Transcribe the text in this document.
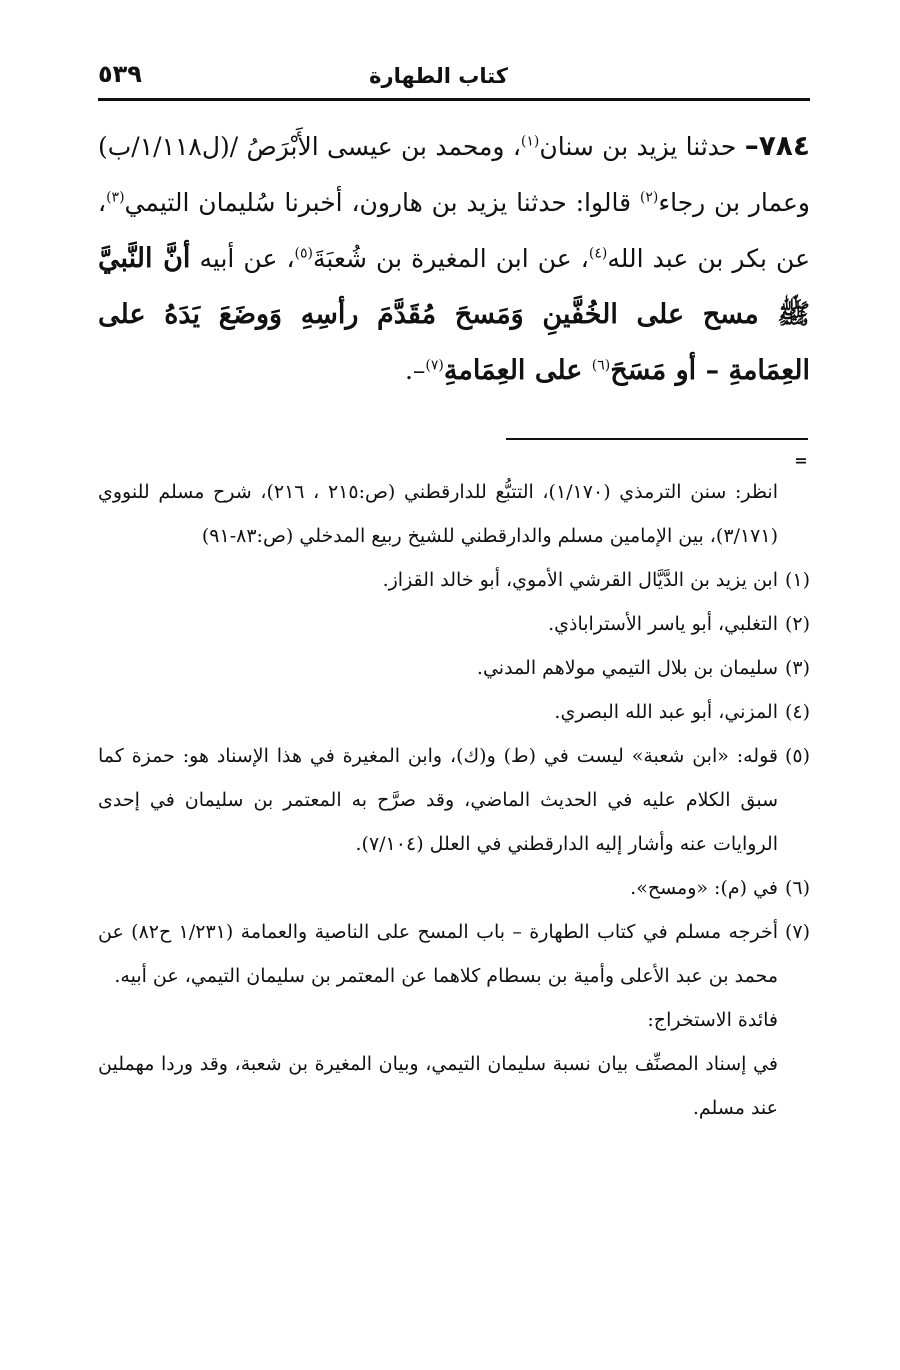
كتاب الطهارة
٥٣٩
٧٨٤– حدثنا يزيد بن سنان$^{(١)}$، ومحمد بن عيسى الأَبْرَصُ /(ل١/١١٨/ب) وعمار بن رجاء$^{(٢)}$ قالوا: حدثنا يزيد بن هارون، أخبرنا سُليمان التيمي$^{(٣)}$، عن بكر بن عبد الله$^{(٤)}$، عن ابن المغيرة بن شُعبَةَ$^{(٥)}$، عن أبيه أنَّ النَّبيَّ ﷺ مسح على الخُفَّينِ وَمَسحَ مُقَدَّمَ رأسِهِ وَوضَعَ يَدَهُ على العِمَامةِ – أو مَسَحَ$^{(٦)}$ على العِمَامةِ$^{(٧)}$–.
=
انظر: سنن الترمذي (١/١٧٠)، التتبُّع للدارقطني (ص:٢١٥ ، ٢١٦)، شرح مسلم للنووي (٣/١٧١)، بين الإمامين مسلم والدارقطني للشيخ ربيع المدخلي (ص:٨٣-٩١)
(١)
ابن يزيد بن الدَّيَّال القرشي الأموي، أبو خالد القزاز.
(٢)
التغلبي، أبو ياسر الأستراباذي.
(٣)
سليمان بن بلال التيمي مولاهم المدني.
(٤)
المزني، أبو عبد الله البصري.
(٥)
قوله: «ابن شعبة» ليست في (ط) و(ك)، وابن المغيرة في هذا الإسناد هو: حمزة كما سبق الكلام عليه في الحديث الماضي، وقد صرَّح به المعتمر بن سليمان في إحدى الروايات عنه وأشار إليه الدارقطني في العلل (٧/١٠٤).
(٦)
في (م): «ومسح».
(٧)
أخرجه مسلم في كتاب الطهارة – باب المسح على الناصية والعمامة (١/٢٣١ ح٨٢) عن محمد بن عبد الأعلى وأمية بن بسطام كلاهما عن المعتمر بن سليمان التيمي، عن أبيه.
فائدة الاستخراج:
في إسناد المصنِّف بيان نسبة سليمان التيمي، وبيان المغيرة بن شعبة، وقد وردا مهملين عند مسلم.
